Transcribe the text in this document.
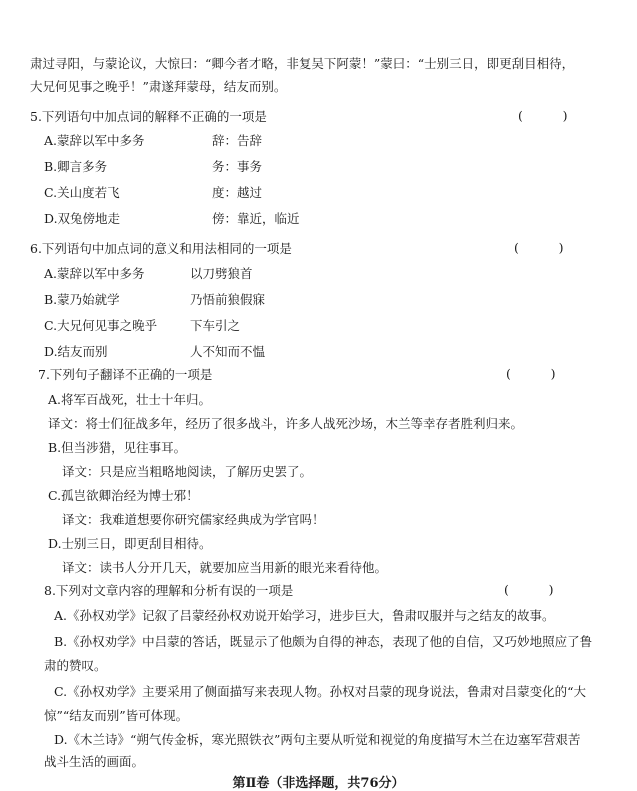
肃过寻阳，与蒙论议，大惊曰：“卿今者才略，非复吴下阿蒙！”蒙曰：“士别三日，即更刮目相待，
大兄何见事之晚乎！”肃遂拜蒙母，结友而别。
5.下列语句中加点词的解释不正确的一项是	(          )
A.蒙辞以军中多务	辞：告辞
B.卿言多务	务：事务
C.关山度若飞	度：越过
D.双兔傍地走	傍：靠近，临近
6.下列语句中加点词的意义和用法相同的一项是	(          )
A.蒙辞以军中多务	以刀劈狼首
B.蒙乃始就学	乃悟前狼假寐
C.大兄何见事之晚乎	下车引之
D.结友而别	人不知而不愠
7.下列句子翻译不正确的一项是	(          )
A.将军百战死，壮士十年归。
译文：将士们征战多年，经历了很多战斗，许多人战死沙场，木兰等幸存者胜利归来。
B.但当涉猎，见往事耳。
译文：只是应当粗略地阅读，了解历史罢了。
C.孤岂欲卿治经为博士邪！
译文：我难道想要你研究儒家经典成为学官吗！
D.士别三日，即更刮目相待。
译文：读书人分开几天，就要加应当用新的眼光来看待他。
8.下列对文章内容的理解和分析有误的一项是	(          )
A.《孙权劝学》记叙了吕蒙经孙权劝说开始学习，进步巨大，鲁肃叹服并与之结友的故事。
B.《孙权劝学》中吕蒙的答话，既显示了他颇为自得的神态，表现了他的自信，又巧妙地照应了鲁
肃的赞叹。
C.《孙权劝学》主要采用了侧面描写来表现人物。孙权对吕蒙的现身说法，鲁肃对吕蒙变化的“大
惊”“结友而别”皆可体现。
D.《木兰诗》“朔气传金柝，寒光照铁衣”两句主要从听觉和视觉的角度描写木兰在边塞军营艰苦
战斗生活的画面。
第Ⅱ卷（非选择题，共76分）
